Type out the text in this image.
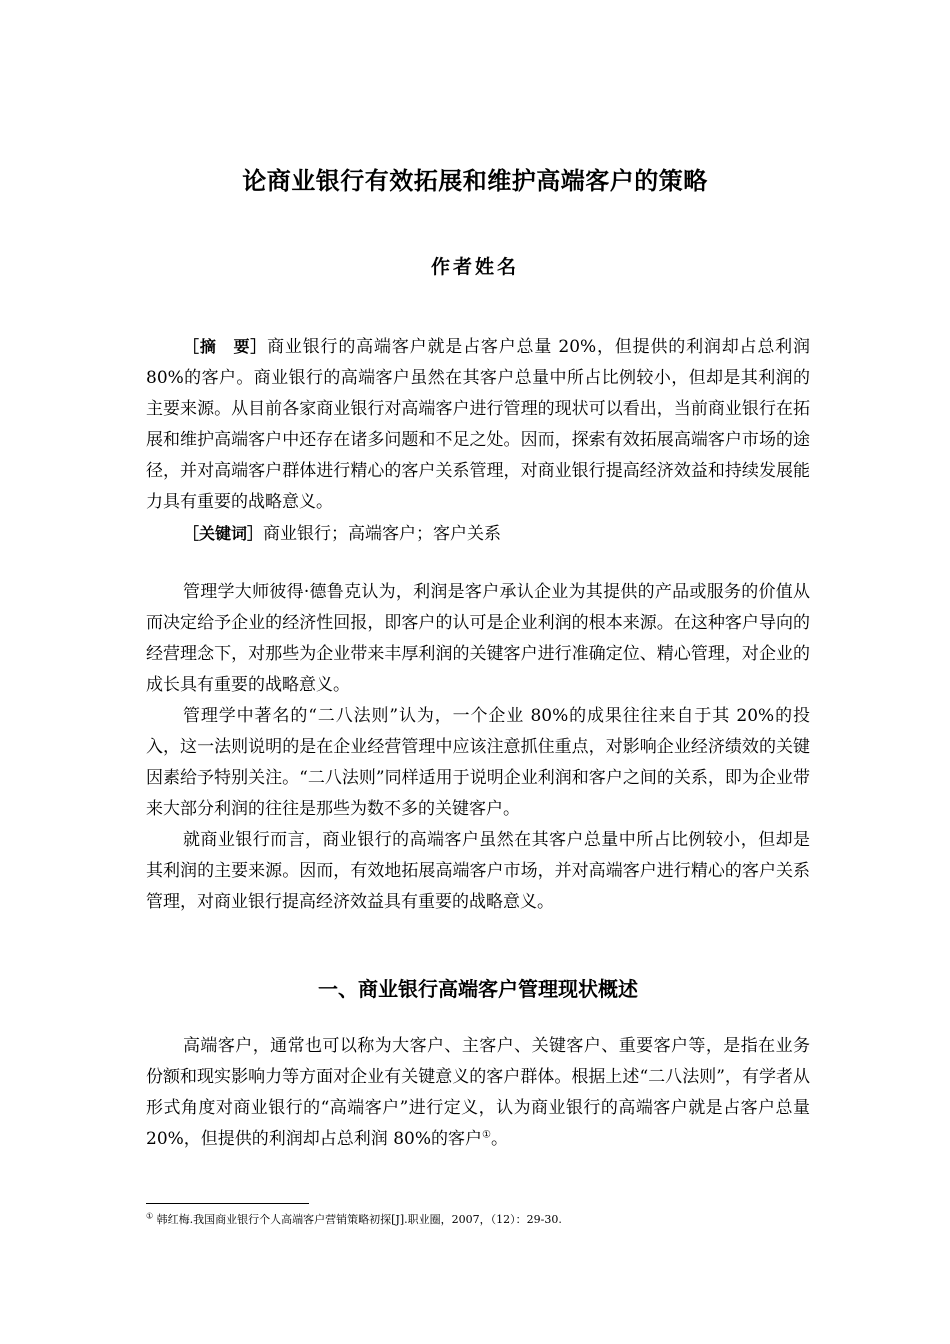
论商业银行有效拓展和维护高端客户的策略
作者姓名

［摘　要］商业银行的高端客户就是占客户总量 20%，但提供的利润却占总利润 80%的客户。商业银行的高端客户虽然在其客户总量中所占比例较小，但却是其利润的主要来源。从目前各家商业银行对高端客户进行管理的现状可以看出，当前商业银行在拓展和维护高端客户中还存在诸多问题和不足之处。因而，探索有效拓展高端客户市场的途径，并对高端客户群体进行精心的客户关系管理，对商业银行提高经济效益和持续发展能力具有重要的战略意义。

［关键词］商业银行；高端客户；客户关系

管理学大师彼得·德鲁克认为，利润是客户承认企业为其提供的产品或服务的价值从而决定给予企业的经济性回报，即客户的认可是企业利润的根本来源。在这种客户导向的经营理念下，对那些为企业带来丰厚利润的关键客户进行准确定位、精心管理，对企业的成长具有重要的战略意义。

管理学中著名的“二八法则”认为，一个企业 80%的成果往往来自于其 20%的投入，这一法则说明的是在企业经营管理中应该注意抓住重点，对影响企业经济绩效的关键因素给予特别关注。“二八法则”同样适用于说明企业利润和客户之间的关系，即为企业带来大部分利润的往往是那些为数不多的关键客户。

就商业银行而言，商业银行的高端客户虽然在其客户总量中所占比例较小，但却是其利润的主要来源。因而，有效地拓展高端客户市场，并对高端客户进行精心的客户关系管理，对商业银行提高经济效益具有重要的战略意义。

一、商业银行高端客户管理现状概述

高端客户，通常也可以称为大客户、主客户、关键客户、重要客户等，是指在业务份额和现实影响力等方面对企业有关键意义的客户群体。根据上述“二八法则”，有学者从形式角度对商业银行的“高端客户”进行定义，认为商业银行的高端客户就是占客户总量 20%，但提供的利润却占总利润 80%的客户①。

① 韩红梅.我国商业银行个人高端客户营销策略初探[J].职业圈，2007，（12）：29-30.
